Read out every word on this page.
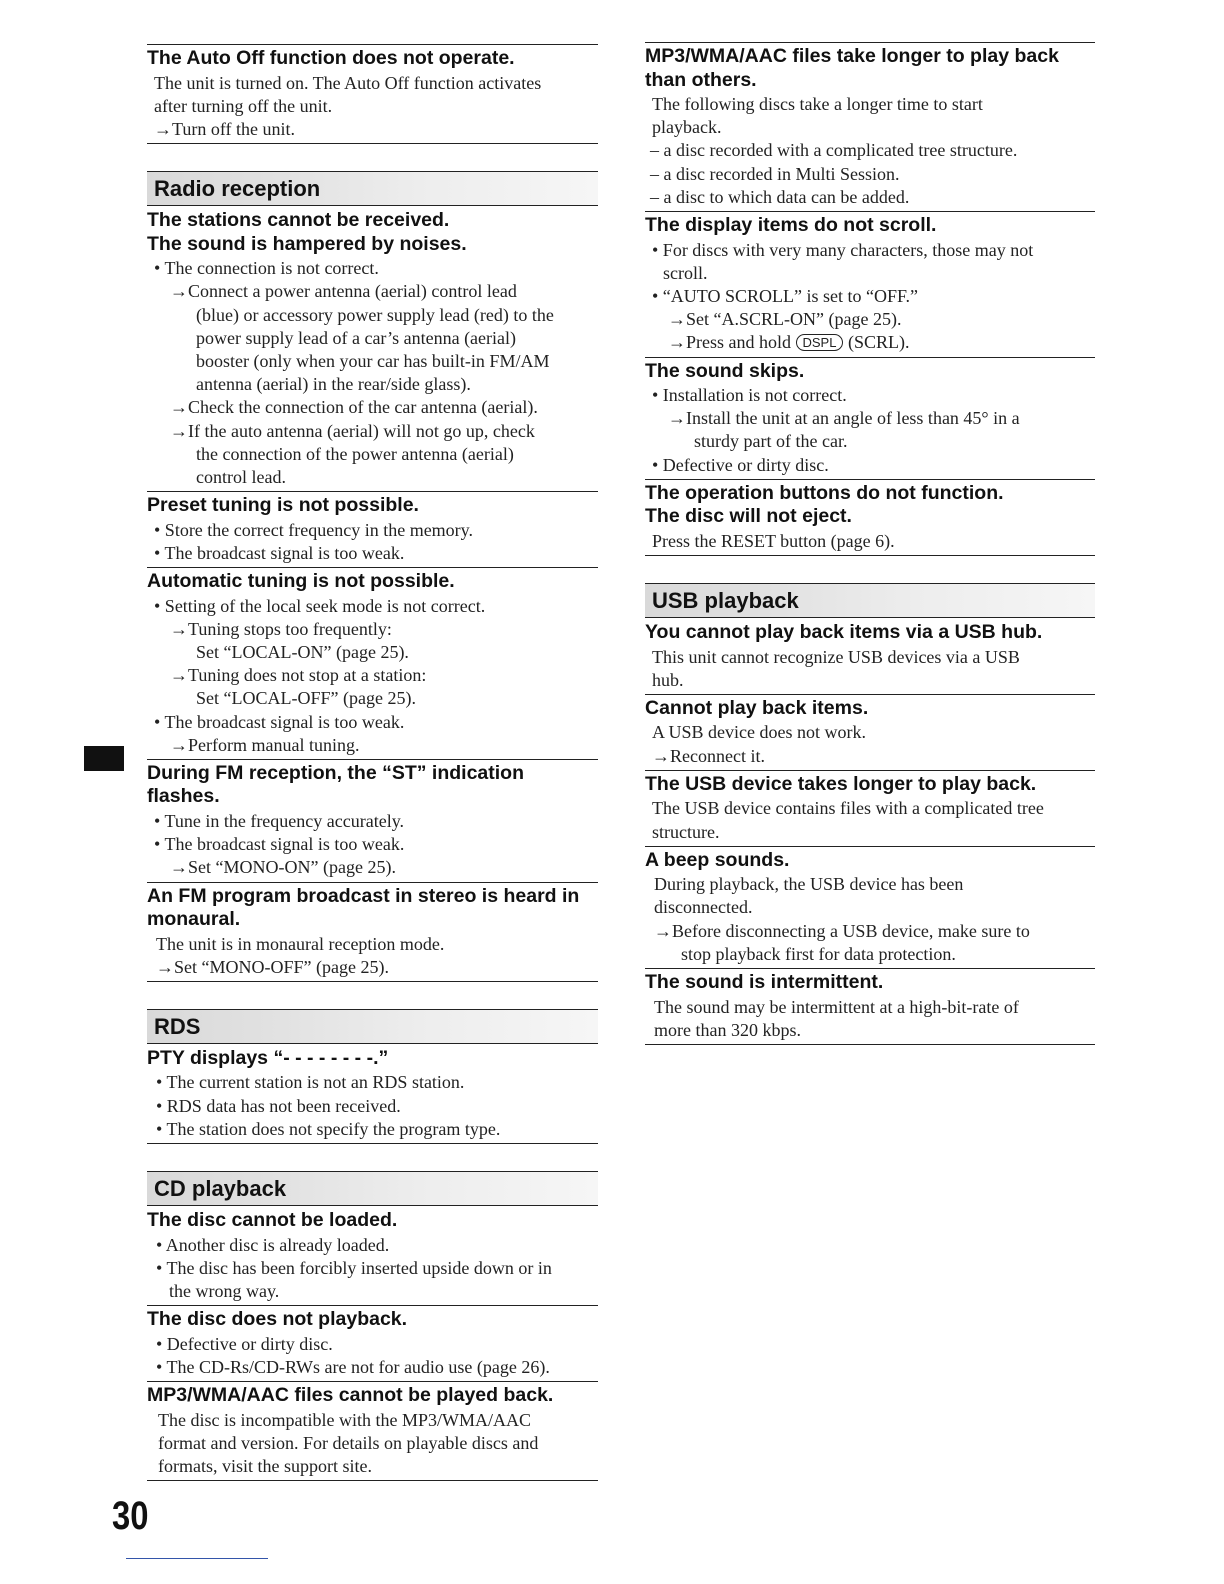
The Auto Off function does not operate.
The unit is turned on. The Auto Off function activates
after turning off the unit.
→Turn off the unit.
Radio reception
The stations cannot be received.
The sound is hampered by noises.
• The connection is not correct.
→Connect a power antenna (aerial) control lead
(blue) or accessory power supply lead (red) to the
power supply lead of a car’s antenna (aerial)
booster (only when your car has built-in FM/AM
antenna (aerial) in the rear/side glass).
→Check the connection of the car antenna (aerial).
→If the auto antenna (aerial) will not go up, check
the connection of the power antenna (aerial)
control lead.
Preset tuning is not possible.
• Store the correct frequency in the memory.
• The broadcast signal is too weak.
Automatic tuning is not possible.
• Setting of the local seek mode is not correct.
→Tuning stops too frequently:
Set “LOCAL-ON” (page 25).
→Tuning does not stop at a station:
Set “LOCAL-OFF” (page 25).
• The broadcast signal is too weak.
→Perform manual tuning.
During FM reception, the “ST” indication
flashes.
• Tune in the frequency accurately.
• The broadcast signal is too weak.
→Set “MONO-ON” (page 25).
An FM program broadcast in stereo is heard in
monaural.
The unit is in monaural reception mode.
→Set “MONO-OFF” (page 25).
RDS
PTY displays “- - - - - - - -.”
• The current station is not an RDS station.
• RDS data has not been received.
• The station does not specify the program type.
CD playback
The disc cannot be loaded.
• Another disc is already loaded.
• The disc has been forcibly inserted upside down or in
the wrong way.
The disc does not playback.
• Defective or dirty disc.
• The CD-Rs/CD-RWs are not for audio use (page 26).
MP3/WMA/AAC files cannot be played back.
The disc is incompatible with the MP3/WMA/AAC
format and version. For details on playable discs and
formats, visit the support site.
MP3/WMA/AAC files take longer to play back
than others.
The following discs take a longer time to start
playback.
– a disc recorded with a complicated tree structure.
– a disc recorded in Multi Session.
– a disc to which data can be added.
The display items do not scroll.
• For discs with very many characters, those may not
scroll.
• “AUTO SCROLL” is set to “OFF.”
→Set “A.SCRL-ON” (page 25).
→Press and hold DSPL (SCRL).
The sound skips.
• Installation is not correct.
→Install the unit at an angle of less than 45° in a
sturdy part of the car.
• Defective or dirty disc.
The operation buttons do not function.
The disc will not eject.
Press the RESET button (page 6).
USB playback
You cannot play back items via a USB hub.
This unit cannot recognize USB devices via a USB
hub.
Cannot play back items.
A USB device does not work.
→Reconnect it.
The USB device takes longer to play back.
The USB device contains files with a complicated tree
structure.
A beep sounds.
During playback, the USB device has been
disconnected.
→Before disconnecting a USB device, make sure to
stop playback first for data protection.
The sound is intermittent.
The sound may be intermittent at a high-bit-rate of
more than 320 kbps.
30
